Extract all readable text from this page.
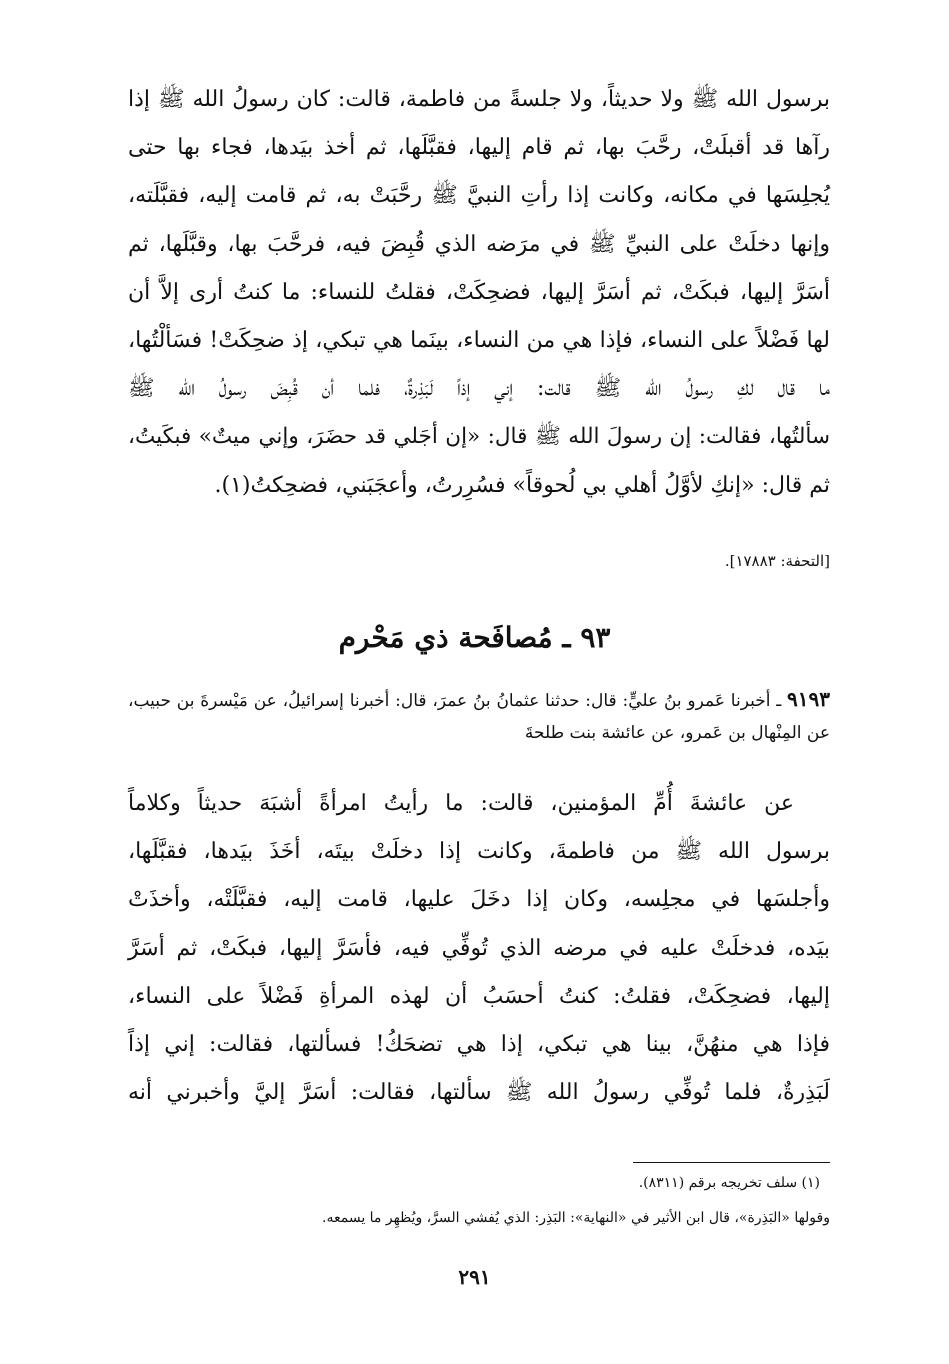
برسول الله ﷺ ولا حديثاً، ولا جلسةً من فاطمة، قالت: كان رسولُ الله ﷺ إذا
رآها قد أقبلَتْ، رحَّبَ بها، ثم قام إليها، فقبَّلَها، ثم أخذ بيَدها، فجاء بها حتى
يُجلِسَها في مكانه، وكانت إذا رأتِ النبيَّ ﷺ رحَّبَتْ به، ثم قامت إليه، فقبَّلَته،
وإنها دخلَتْ على النبيِّ ﷺ في مرَضه الذي قُبِضَ فيه، فرحَّبَ بها، وقبَّلَها، ثم
أسَرَّ إليها، فبكَتْ، ثم أسَرَّ إليها، فضحِكَتْ، فقلتُ للنساء: ما كنتُ أرى إلاَّ أن
لها فَضْلاً على النساء، فإذا هي من النساء، بينَما هي تبكي، إذ ضحِكَتْ! فسَألْتُها،
ما قال لكِ رسولُ الله ﷺ قالت: إني إذاً لَبَذِرةٌ، فلما أن قُبِضَ رسولُ الله ﷺ
سألتُها، فقالت: إن رسولَ الله ﷺ قال: «إن أجَلي قد حضَرَ، وإني ميتٌ» فبكَيتُ،
ثم قال: «إنكِ لأوَّلُ أهلي بي لُحوقاً» فسُرِرتُ، وأعجَبَني، فضحِكتُ(١).
[التحفة: ١٧٨٨٣].
٩٣ ـ مُصافَحة ذي مَحْرم
٩١٩٣ ـ أخبرنا عَمرو بنُ عليٍّ: قال: حدثنا عثمانُ بنُ عمرَ، قال: أخبرنا إسرائيلُ، عن مَيْسرةَ بن حبيب، عن المِنْهال بن عَمرو، عن عائشة بنت طلحةَ
عن عائشةَ أُمِّ المؤمنين، قالت: ما رأيتُ امرأةً أشبَهَ حديثاً وكلاماً
برسول الله ﷺ من فاطمةَ، وكانت إذا دخلَتْ بيتَه، أخَذَ بيَدها، فقبَّلَها،
وأجلسَها في مجلِسه، وكان إذا دخَلَ عليها، قامت إليه، فقبَّلَتْه، وأخذَتْ
بيَده، فدخلَتْ عليه في مرضه الذي تُوفِّي فيه، فأسَرَّ إليها، فبكَتْ، ثم أسَرَّ
إليها، فضحِكَتْ، فقلتُ: كنتُ أحسَبُ أن لهذه المرأةِ فَضْلاً على النساء،
فإذا هي منهُنَّ، بينا هي تبكي، إذا هي تضحَكُ! فسألتها، فقالت: إني إذاً
لَبَذِرةٌ، فلما تُوفِّي رسولُ الله ﷺ سألتها، فقالت: أسَرَّ إليَّ وأخبرني أنه
(١) سلف تخريجه برقم (٨٣١١).
وقولها «البَذِرة»، قال ابن الأثير في «النهاية»: البَذِر: الذي يُفشي السرَّ، ويُظهِر ما يسمعه.
٢٩١
